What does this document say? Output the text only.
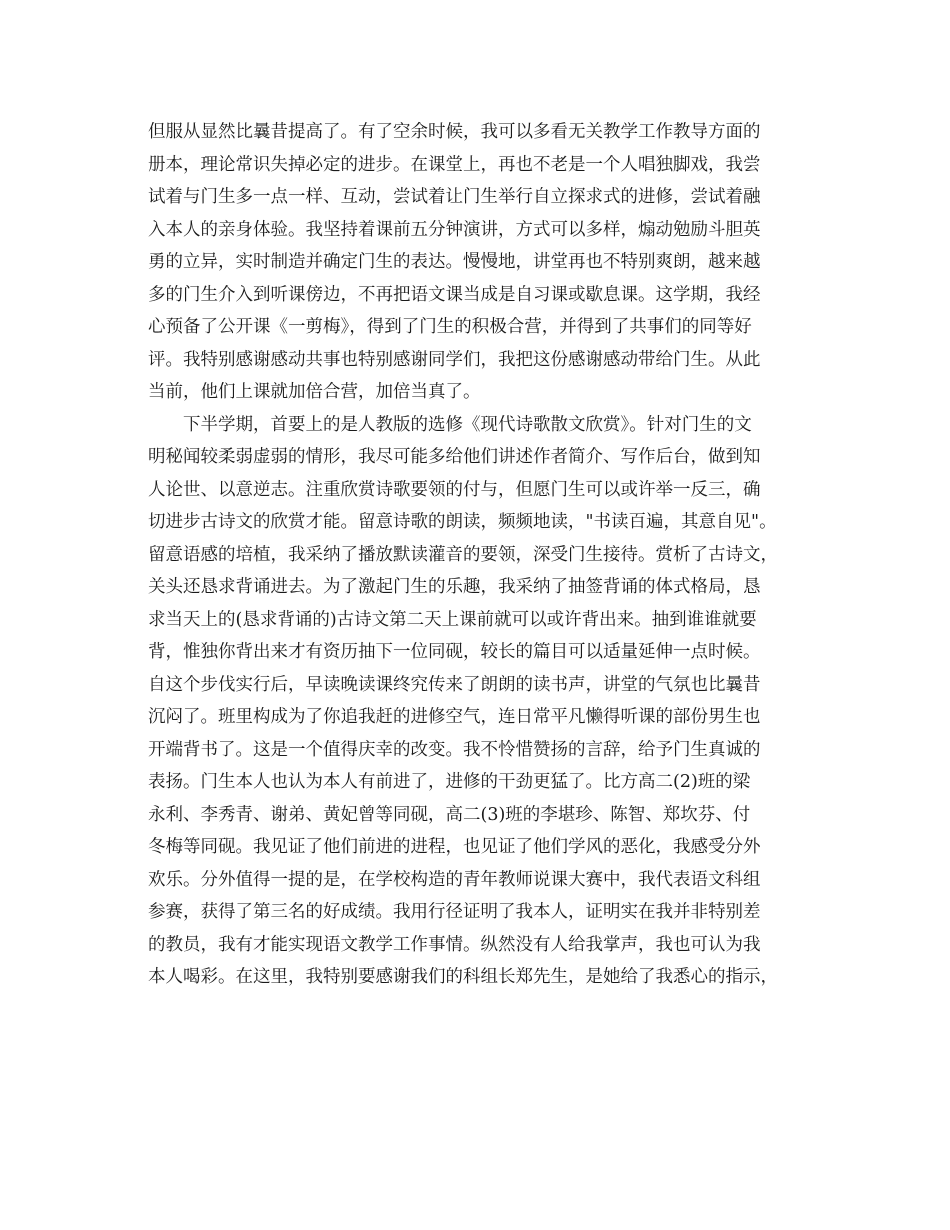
但服从显然比曩昔提高了。有了空余时候，我可以多看无关教学工作教导方面的
册本，理论常识失掉必定的进步。在课堂上，再也不老是一个人唱独脚戏，我尝
试着与门生多一点一样、互动，尝试着让门生举行自立探求式的进修，尝试着融
入本人的亲身体验。我坚持着课前五分钟演讲，方式可以多样，煽动勉励斗胆英
勇的立异，实时制造并确定门生的表达。慢慢地，讲堂再也不特别爽朗，越来越
多的门生介入到听课傍边，不再把语文课当成是自习课或歇息课。这学期，我经
心预备了公开课《一剪梅》，得到了门生的积极合营，并得到了共事们的同等好
评。我特别感谢感动共事也特别感谢同学们，我把这份感谢感动带给门生。从此
当前，他们上课就加倍合营，加倍当真了。
　　下半学期，首要上的是人教版的选修《现代诗歌散文欣赏》。针对门生的文
明秘闻较柔弱虚弱的情形，我尽可能多给他们讲述作者简介、写作后台，做到知
人论世、以意逆志。注重欣赏诗歌要领的付与，但愿门生可以或许举一反三，确
切进步古诗文的欣赏才能。留意诗歌的朗读，频频地读，"书读百遍，其意自见"。
留意语感的培植，我采纳了播放默读灌音的要领，深受门生接待。赏析了古诗文，
关头还恳求背诵进去。为了激起门生的乐趣，我采纳了抽签背诵的体式格局，恳
求当天上的(恳求背诵的)古诗文第二天上课前就可以或许背出来。抽到谁谁就要
背，惟独你背出来才有资历抽下一位同砚，较长的篇目可以适量延伸一点时候。
自这个步伐实行后，早读晚读课终究传来了朗朗的读书声，讲堂的气氛也比曩昔
沉闷了。班里构成为了你追我赶的进修空气，连日常平凡懒得听课的部份男生也
开端背书了。这是一个值得庆幸的改变。我不怜惜赞扬的言辞，给予门生真诚的
表扬。门生本人也认为本人有前进了，进修的干劲更猛了。比方高二(2)班的梁
永利、李秀青、谢弟、黄妃曾等同砚，高二(3)班的李堪珍、陈智、郑坎芬、付
冬梅等同砚。我见证了他们前进的进程，也见证了他们学风的恶化，我感受分外
欢乐。分外值得一提的是，在学校构造的青年教师说课大赛中，我代表语文科组
参赛，获得了第三名的好成绩。我用行径证明了我本人，证明实在我并非特别差
的教员，我有才能实现语文教学工作事情。纵然没有人给我掌声，我也可认为我
本人喝彩。在这里，我特别要感谢我们的科组长郑先生，是她给了我悉心的指示，
